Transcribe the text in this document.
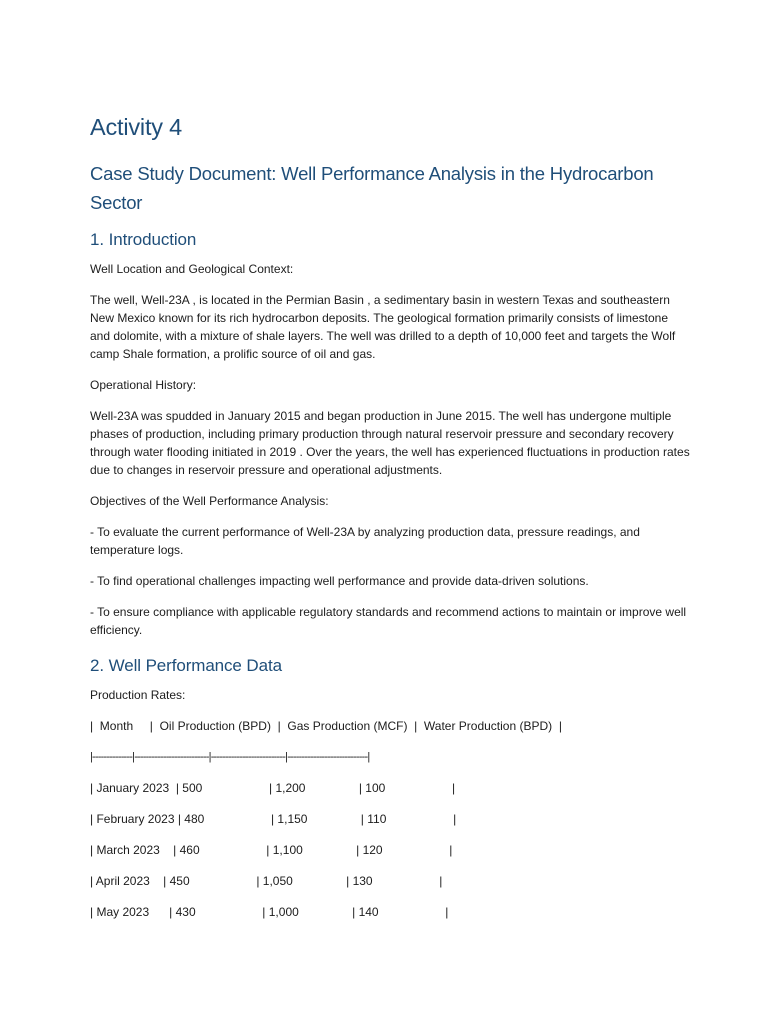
Activity 4
Case Study Document: Well Performance Analysis in the Hydrocarbon Sector
1. Introduction

Well Location and Geological Context:

The well, Well-23A , is located in the Permian Basin , a sedimentary basin in western Texas and southeastern New Mexico known for its rich hydrocarbon deposits. The geological formation primarily consists of limestone and dolomite, with a mixture of shale layers. The well was drilled to a depth of 10,000 feet and targets the Wolf camp Shale formation, a prolific source of oil and gas.

Operational History:

Well-23A was spudded in January 2015 and began production in June 2015. The well has undergone multiple phases of production, including primary production through natural reservoir pressure and secondary recovery through water flooding initiated in 2019 . Over the years, the well has experienced fluctuations in production rates due to changes in reservoir pressure and operational adjustments.

Objectives of the Well Performance Analysis:

- To evaluate the current performance of Well-23A by analyzing production data, pressure readings, and temperature logs.

- To find operational challenges impacting well performance and provide data-driven solutions.

- To ensure compliance with applicable regulatory standards and recommend actions to maintain or improve well efficiency.

2. Well Performance Data

Production Rates:

|  Month     |  Oil Production (BPD)  |  Gas Production (MCF)  |  Water Production (BPD)  |

|--------------|--------------------------|--------------------------|----------------------------|

| January 2023  | 500                    | 1,200                | 100                    |

| February 2023 | 480                    | 1,150                | 110                    |

| March 2023    | 460                    | 1,100                | 120                    |

| April 2023    | 450                    | 1,050                | 130                    |

| May 2023      | 430                    | 1,000                | 140                    |
